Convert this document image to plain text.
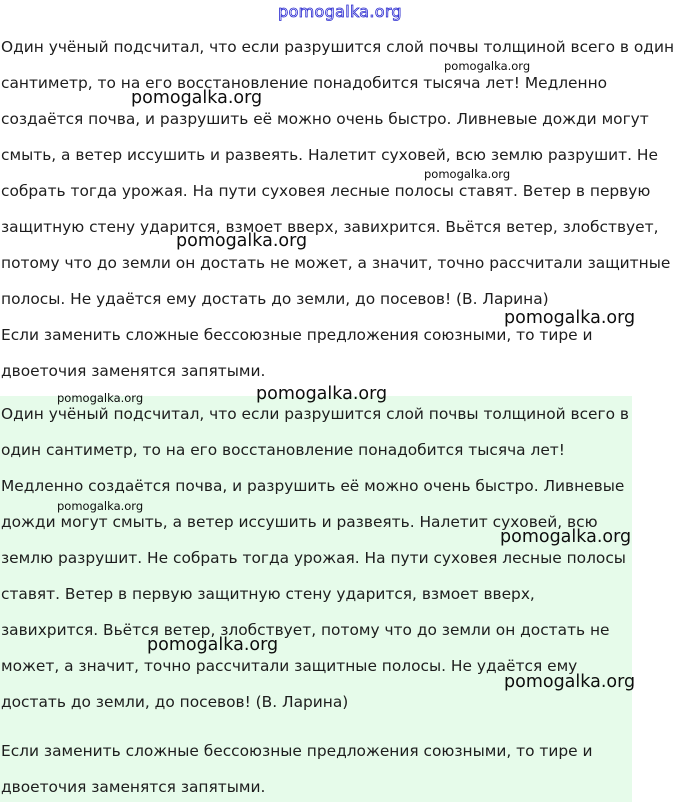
pomogalka.org

Один учёный подсчитал, что если разрушится слой почвы толщиной всего в один сантиметр, то на его восстановление понадобится тысяча лет! Медленно создаётся почва, и разрушить её можно очень быстро. Ливневые дожди могут смыть, а ветер иссушить и развеять. Налетит суховей, всю землю разрушит. Не собрать тогда урожая. На пути суховея лесные полосы ставят. Ветер в первую защитную стену ударится, взмоет вверх, завихрится. Вьётся ветер, злобствует, потому что до земли он достать не может, а значит, точно рассчитали защитные полосы. Не удаётся ему достать до земли, до посевов! (В. Ларина)

Если заменить сложные бессоюзные предложения союзными, то тире и двоеточия заменятся запятыми.

Один учёный подсчитал, что если разрушится слой почвы толщиной всего в один сантиметр, то на его восстановление понадобится тысяча лет! Медленно создаётся почва, и разрушить её можно очень быстро. Ливневые дожди могут смыть, а ветер иссушить и развеять. Налетит суховей, всю землю разрушит. Не собрать тогда урожая. На пути суховея лесные полосы ставят. Ветер в первую защитную стену ударится, взмоет вверх, завихрится. Вьётся ветер, злобствует, потому что до земли он достать не может, а значит, точно рассчитали защитные полосы. Не удаётся ему достать до земли, до посевов! (В. Ларина)

Если заменить сложные бессоюзные предложения союзными, то тире и двоеточия заменятся запятыми.

pomogalka.org
pomogalka.org
pomogalka.org
pomogalka.org
pomogalka.org
pomogalka.org
pomogalka.org
pomogalka.org
pomogalka.org
pomogalka.org
pomogalka.org
